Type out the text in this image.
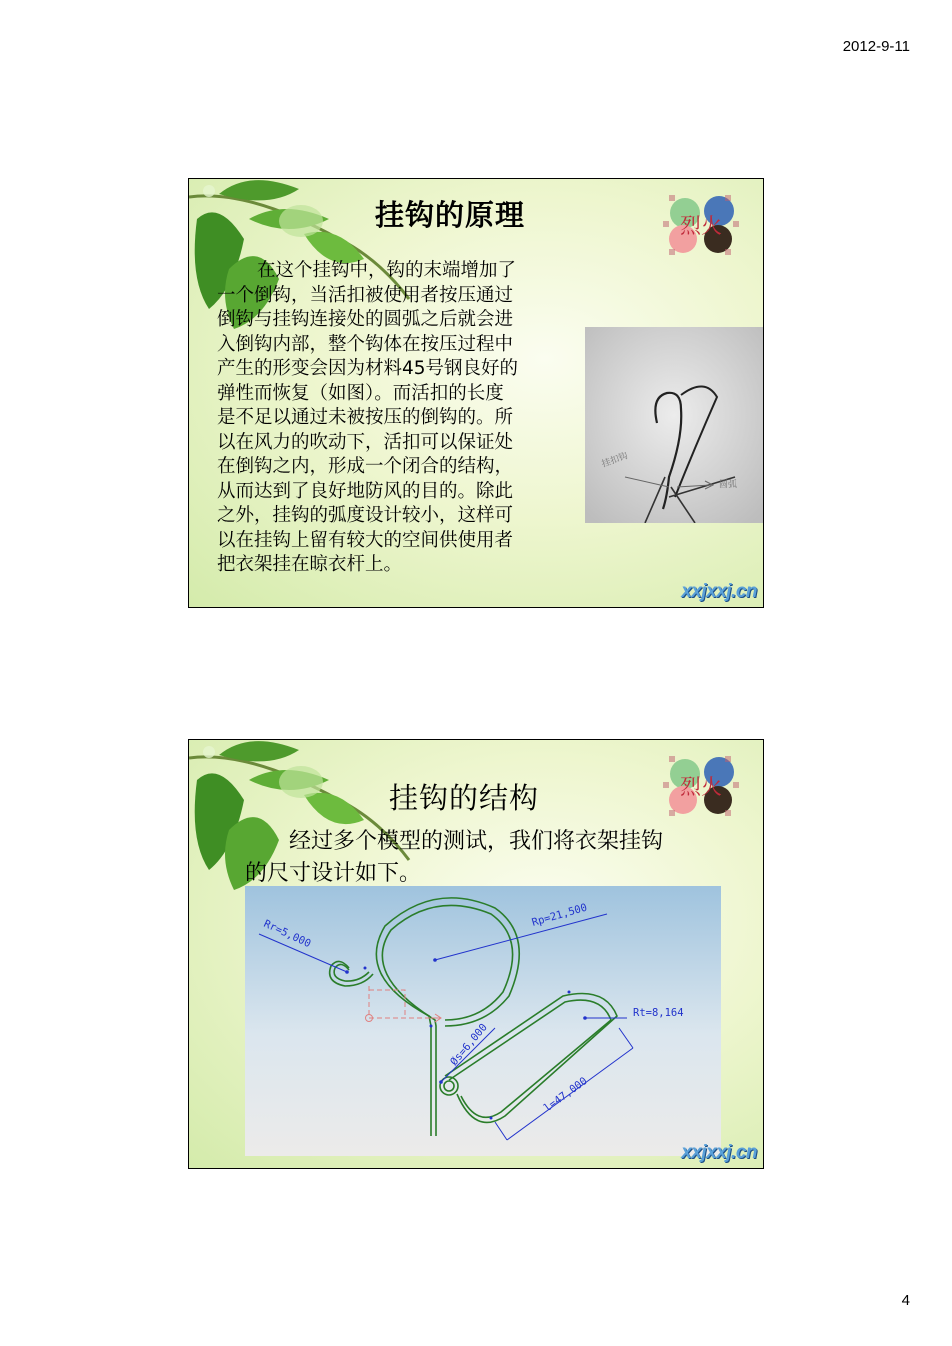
2012-9-11
烈火
挂钩的原理
在这个挂钩中，钩的末端增加了
一个倒钩，当活扣被使用者按压通过
倒钩与挂钩连接处的圆弧之后就会进
入倒钩内部，整个钩体在按压过程中
产生的形变会因为材料45号钢良好的
弹性而恢复（如图）。而活扣的长度
是不足以通过未被按压的倒钩的。所
以在风力的吹动下，活扣可以保证处
在倒钩之内，形成一个闭合的结构，
从而达到了良好地防风的目的。除此
之外，挂钩的弧度设计较小，这样可
以在挂钩上留有较大的空间供使用者
把衣架挂在晾衣杆上。
挂扣钩
圆弧
xxjxxj.cn
烈火
挂钩的结构
经过多个模型的测试，我们将衣架挂钩
的尺寸设计如下。
Rr=5,000
Rp=21,500
Rt=8,164
Øs=6,000
l=47,000
xxjxxj.cn
4
